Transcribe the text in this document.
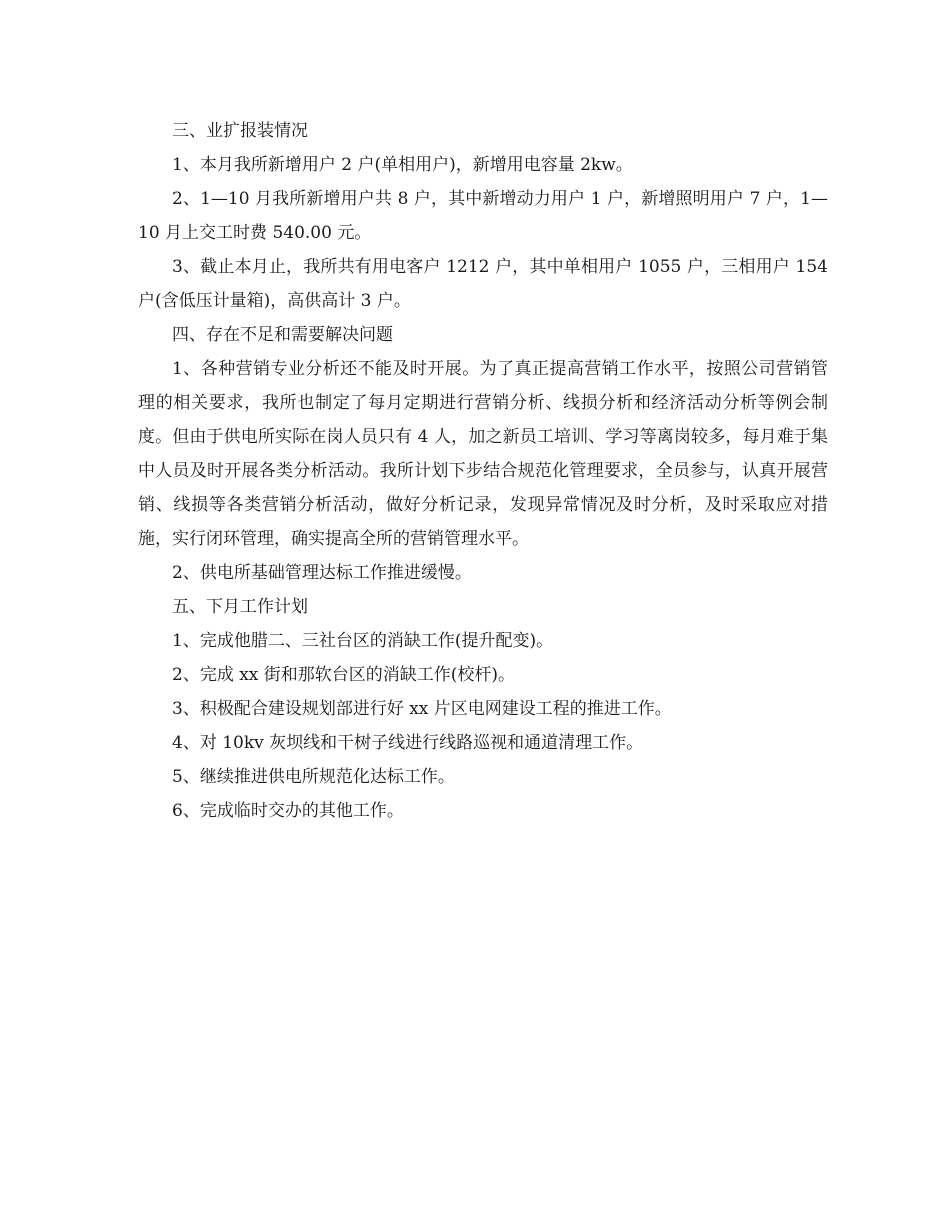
三、业扩报装情况

1、本月我所新增用户 2 户(单相用户)，新增用电容量 2kw。

2、1—10 月我所新增用户共 8 户，其中新增动力用户 1 户，新增照明用户 7 户，1—10 月上交工时费 540.00 元。

3、截止本月止，我所共有用电客户 1212 户，其中单相用户 1055 户，三相用户 154 户(含低压计量箱)，高供高计 3 户。

四、存在不足和需要解决问题

1、各种营销专业分析还不能及时开展。为了真正提高营销工作水平，按照公司营销管理的相关要求，我所也制定了每月定期进行营销分析、线损分析和经济活动分析等例会制度。但由于供电所实际在岗人员只有 4 人，加之新员工培训、学习等离岗较多，每月难于集中人员及时开展各类分析活动。我所计划下步结合规范化管理要求，全员参与，认真开展营销、线损等各类营销分析活动，做好分析记录，发现异常情况及时分析，及时采取应对措施，实行闭环管理，确实提高全所的营销管理水平。

2、供电所基础管理达标工作推进缓慢。

五、下月工作计划

1、完成他腊二、三社台区的消缺工作(提升配变)。

2、完成 xx 街和那软台区的消缺工作(校杆)。

3、积极配合建设规划部进行好 xx 片区电网建设工程的推进工作。

4、对 10kv 灰坝线和干树子线进行线路巡视和通道清理工作。

5、继续推进供电所规范化达标工作。

6、完成临时交办的其他工作。
